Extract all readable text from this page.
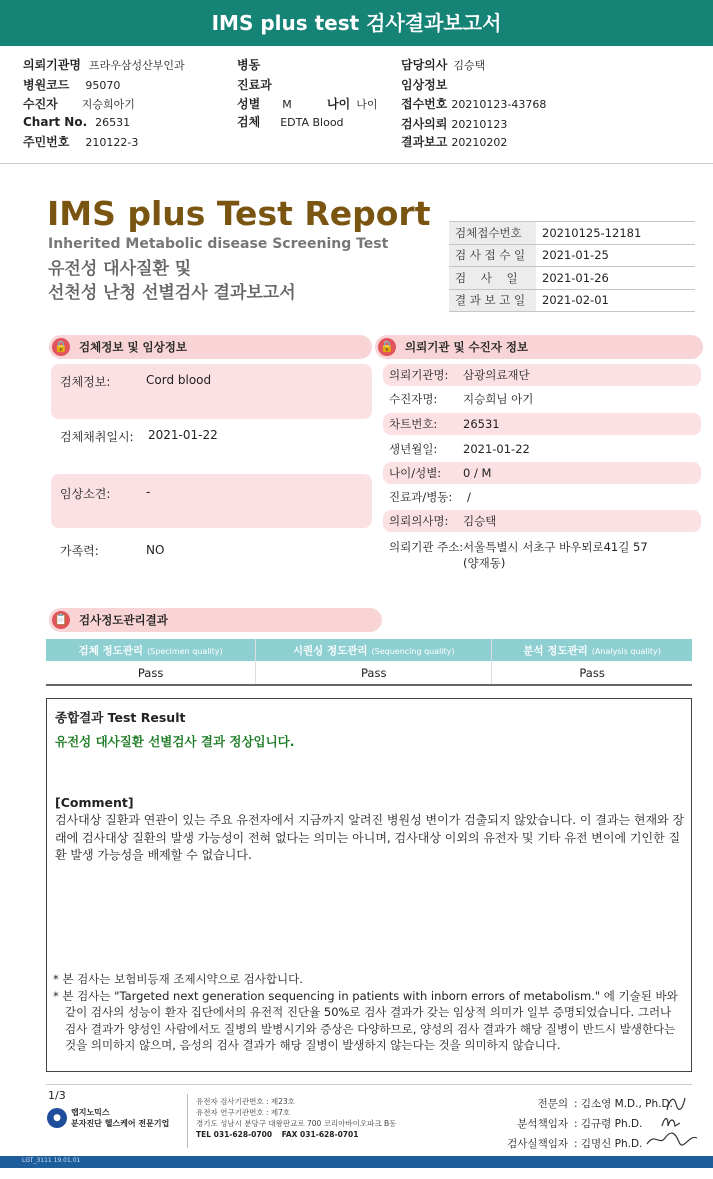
IMS plus test 검사결과보고서
의뢰기관명 프라우삼성산부인과
병원코드 95070
수진자 지승희아기
Chart No. 26531
주민번호 210122-3
병동
진료과
성별 M	나이 나이
검체 EDTA Blood
담당의사 김승택
임상정보
접수번호 20210123-43768
검사의뢰 20210123
결과보고 20210202
IMS plus Test Report
Inherited Metabolic disease Screening Test
유전성 대사질환 및
선천성 난청 선별검사 결과보고서
검체접수번호	20210125-12181
검 사 접 수 일	2021-01-25
검    사    일	2021-01-26
결 과 보 고 일	2021-02-01
🔒 검체정보 및 임상정보
검체정보:	Cord blood
검체채취일시: 2021-01-22
임상소견:	-
가족력:	NO
🔒 의뢰기관 및 수진자 정보
의뢰기관명: 삼광의료재단
수진자명: 지승희님 아기
차트번호: 26531
생년월일: 2021-01-22
나이/성별: 0 / M
진료과/병동: /
의뢰의사명: 김승택
의뢰기관 주소: 서울특별시 서초구 바우뫼로41길 57
(양재동)
📋 검사정도관리결과
검체 정도관리 (Specimen quality)	시퀀싱 정도관리 (Sequencing quality)	분석 정도관리 (Analysis quality)
Pass	Pass	Pass
종합결과 Test Result
유전성 대사질환 선별검사 결과 정상입니다.
[Comment]
검사대상 질환과 연관이 있는 주요 유전자에서 지금까지 알려진 병원성 변이가 검출되지 않았습니다. 이 결과는 현재와 장래에 검사대상 질환의 발생 가능성이 전혀 없다는 의미는 아니며, 검사대상 이외의 유전자 및 기타 유전 변이에 기인한 질환 발생 가능성을 배제할 수 없습니다.

* 본 검사는 보험비등재 조제시약으로 검사합니다.

* 본 검사는 "Targeted next generation sequencing in patients with inborn errors of metabolism." 에 기술된 바와 같이 검사의 성능이 환자 집단에서의 유전적 진단율 50%로 검사 결과가 갖는 임상적 의미가 일부 증명되었습니다. 그러나 검사 결과가 양성인 사람에서도 질병의 발병시기와 증상은 다양하므로, 양성의 검사 결과가 해당 질병이 반드시 발생한다는 것을 의미하지 않으며, 음성의 검사 결과가 해당 질병이 발생하지 않는다는 것을 의미하지 않습니다.

1/3
●
랩지노믹스
분자진단 헬스케어 전문기업
유전자 검사기관번호 : 제23호
유전자 연구기관번호 : 제7호
경기도 성남시 분당구 대왕판교로 700 코리아바이오파크 B동
TEL 031-628-0700 FAX 031-628-0701
전문의 : 김소영 M.D., Ph.D.
분석책임자 : 김규령 Ph.D.
검사실책임자 : 김명신 Ph.D.
LGT_3111 19.01.01
